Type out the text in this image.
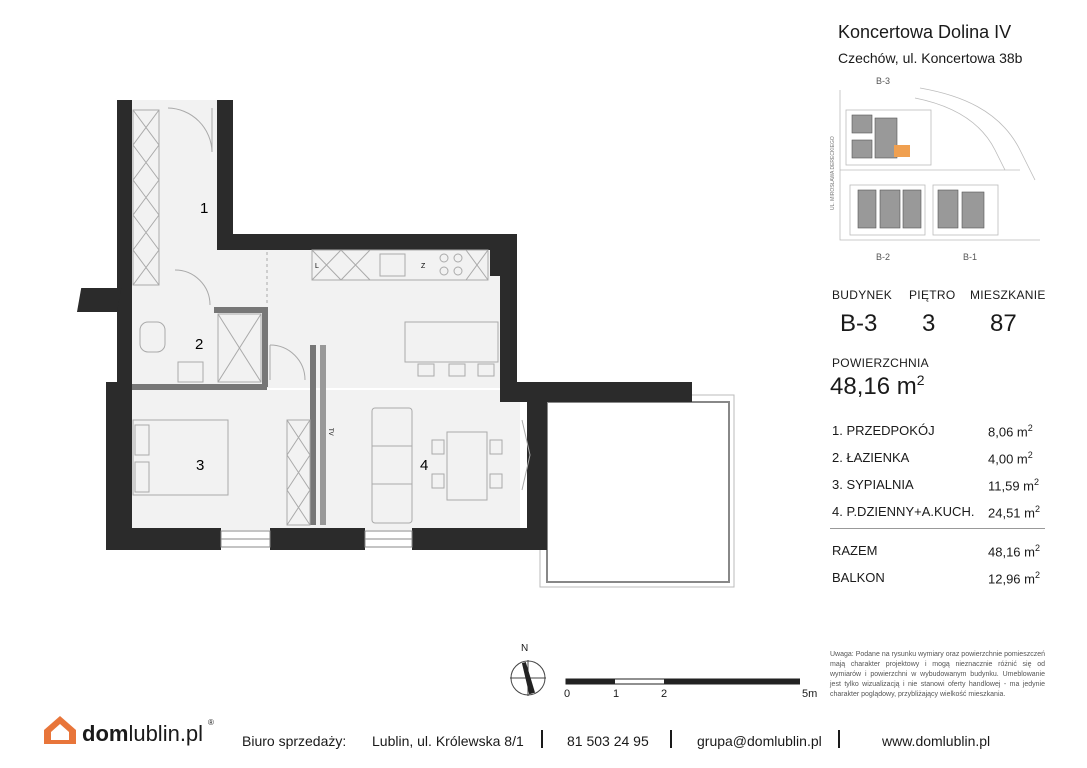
1
2
3	4
TV
L	Z
N
0	1	2	5m
Koncertowa Dolina IV
Czechów, ul. Koncertowa 38b
B-3
B-2	B-1
UL. MIROSŁAWA DERECKIEGO
BUDYNEK PIĘTRO MIESZKANIE
B-3 3 87
POWIERZCHNIA
48,16 $m^2$
1. PRZEDPOKÓJ	8,06 $m^2$
2. ŁAZIENKA	4,00 $m^2$
3. SYPIALNIA	11,59 $m^2$
4. P.DZIENNY+A.KUCH. 24,51 $m^2$
RAZEM	48,16 $m^2$
BALKON	12,96 $m^2$
Uwaga: Podane na rysunku wymiary oraz powierzchnie pomieszczeń mają charakter projektowy i mogą nieznacznie różnić się od wymiarów i powierzchni w wybudowanym budynku. Umeblowanie jest tylko wizualizacją i nie stanowi oferty handlowej - ma jedynie charakter poglądowy, przybliżający wielkość mieszkania.
domlublin.pl ®
Biuro sprzedaży: Lublin, ul. Królewska 8/1	81 503 24 95	grupa@domlublin.pl	www.domlublin.pl
